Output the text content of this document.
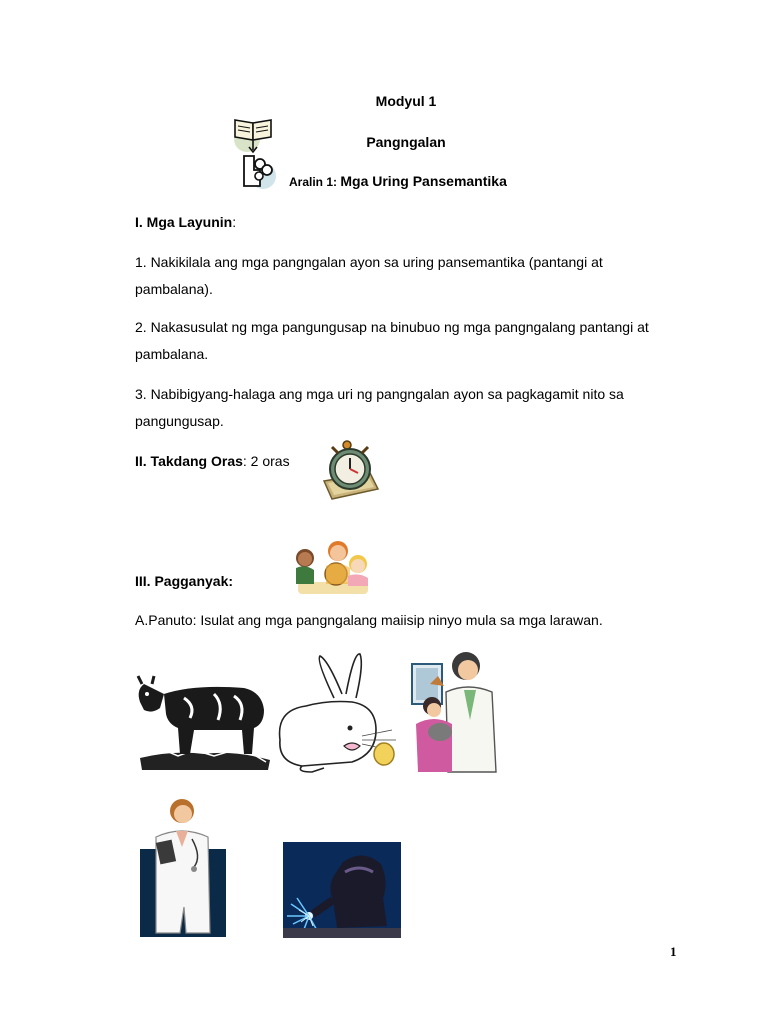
Modyul 1
Pangngalan
Aralin 1: Mga Uring Pansemantika
I. Mga Layunin:
1. Nakikilala ang mga pangngalan ayon sa uring pansemantika (pantangi at pambalana).
2. Nakasusulat ng mga pangungusap na binubuo ng mga pangngalang pantangi at pambalana.
3. Nabibigyang-halaga ang mga uri ng pangngalan ayon sa pagkagamit nito sa pangungusap.
II. Takdang Oras: 2 oras
III. Pagganyak:
A.Panuto: Isulat ang mga pangngalang maiisip ninyo mula sa mga larawan.
1
